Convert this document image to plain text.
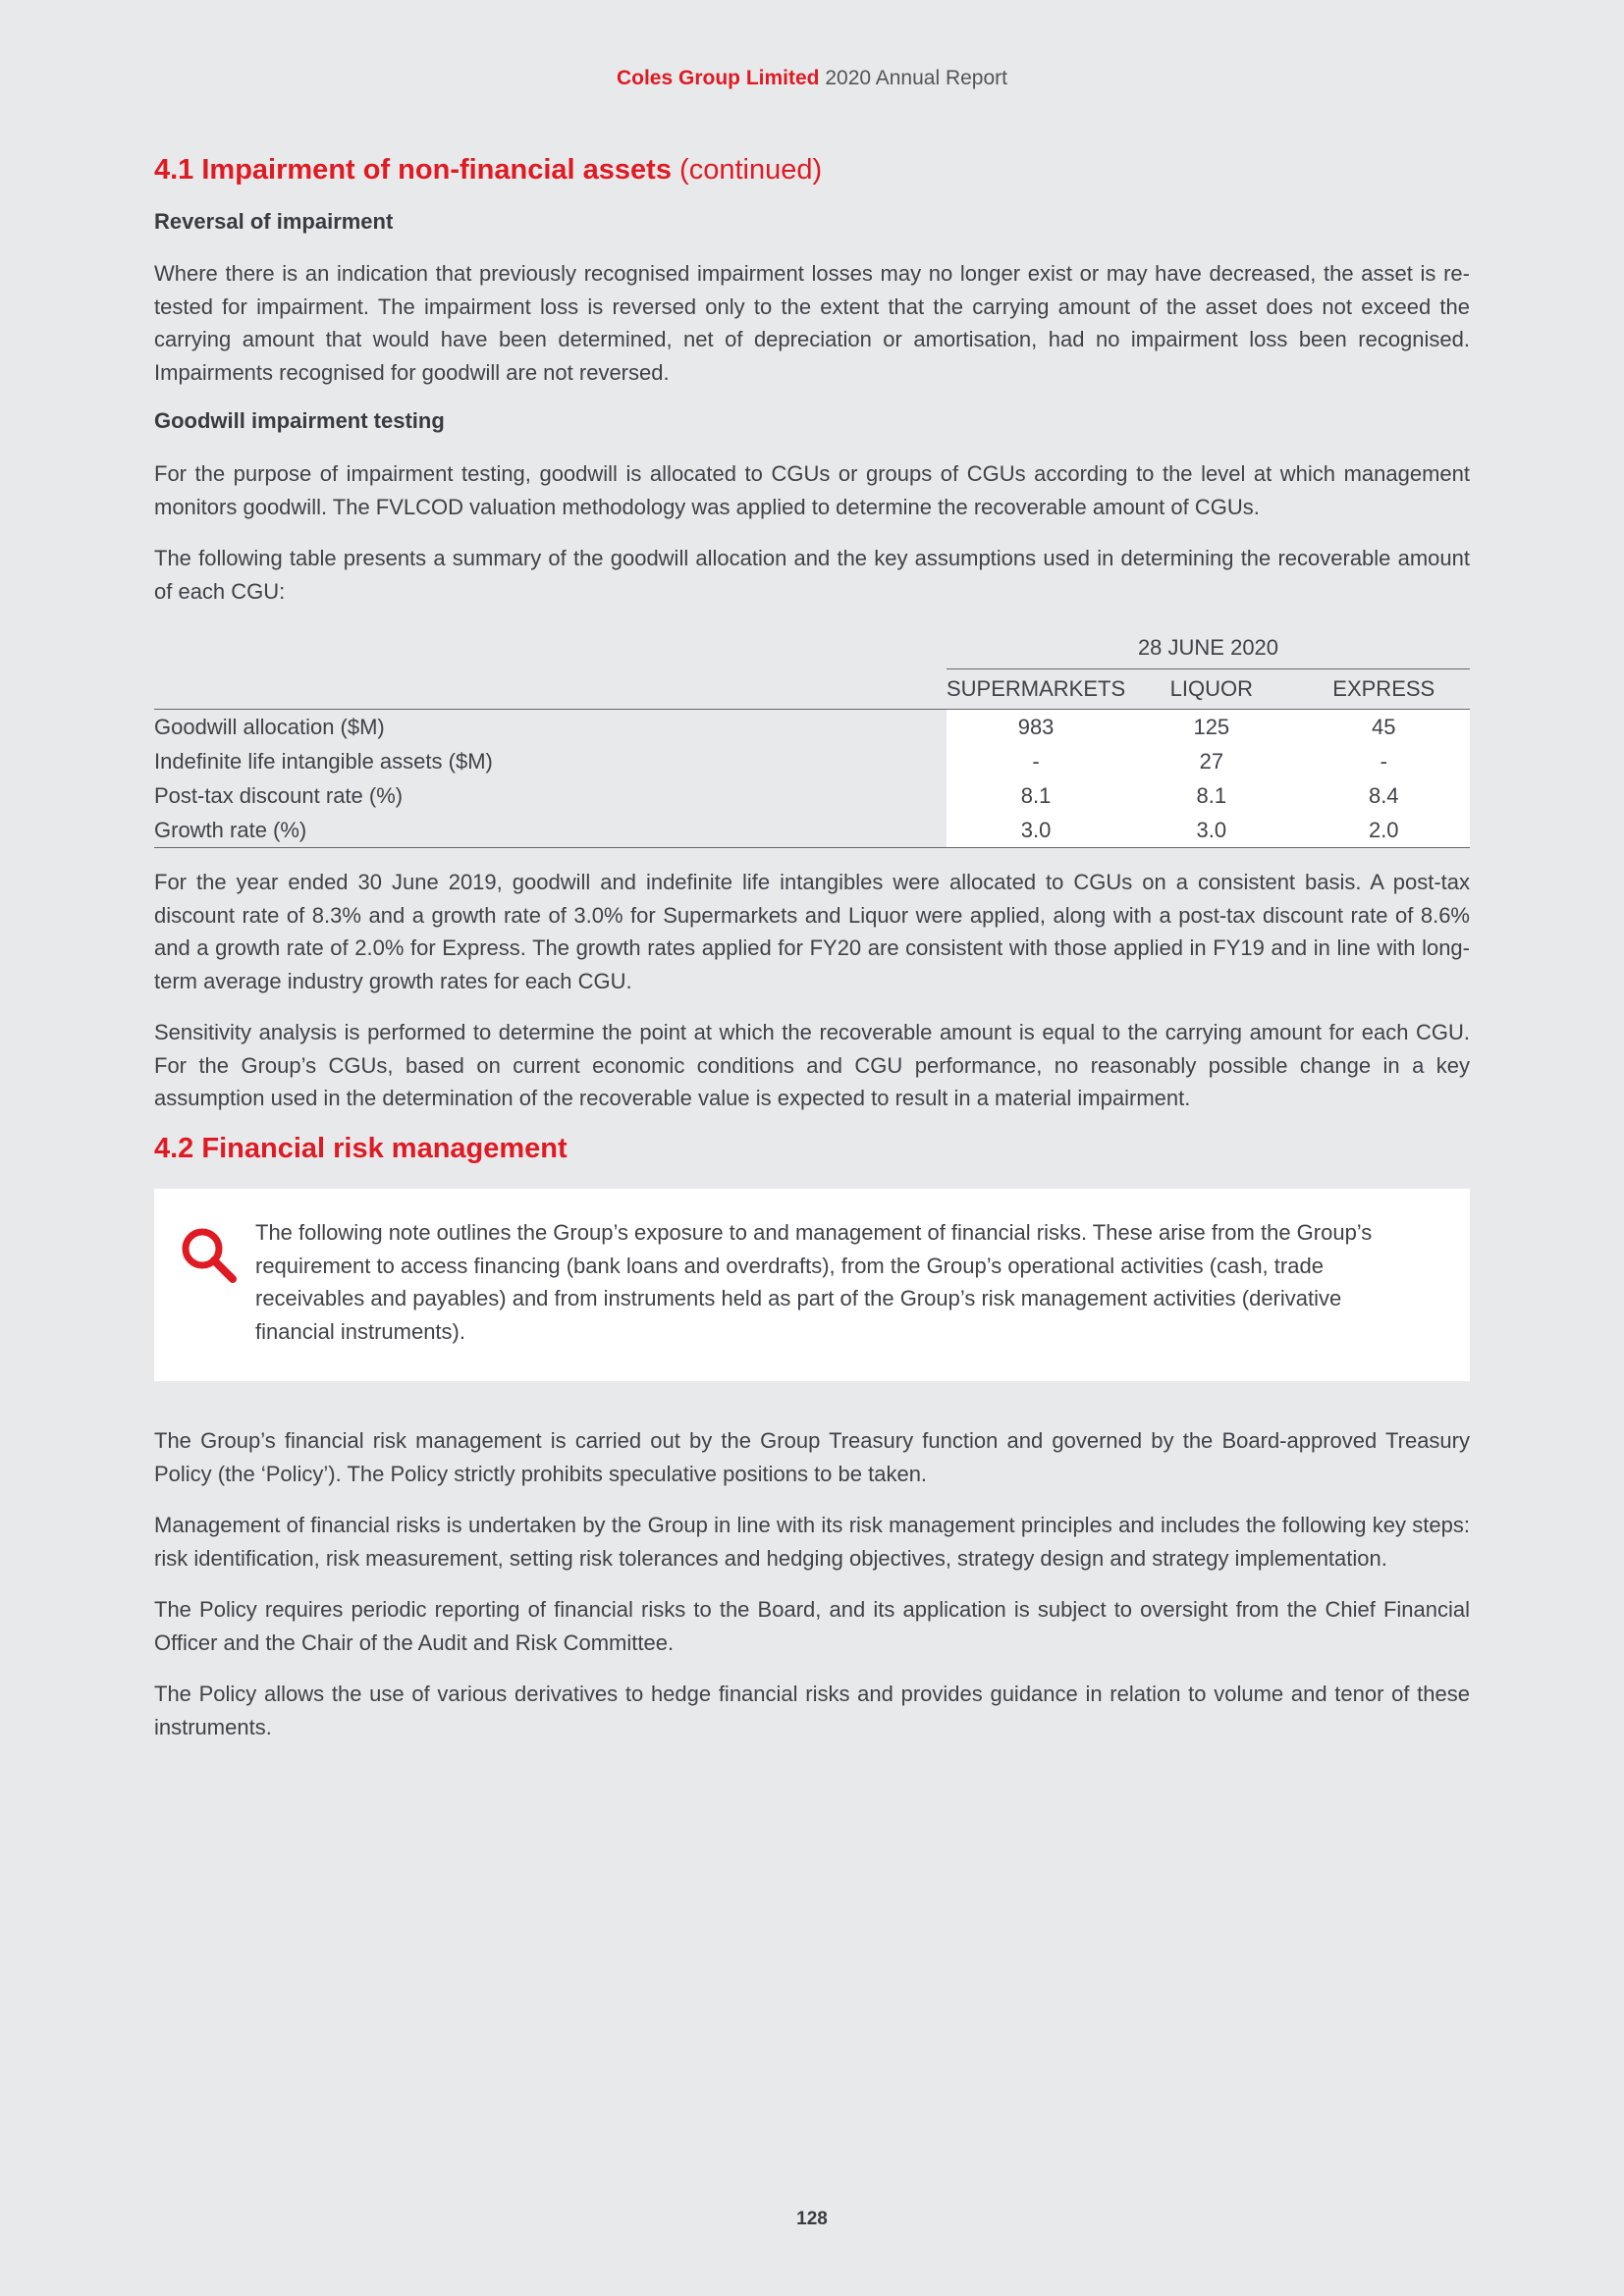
Coles Group Limited 2020 Annual Report
4.1 Impairment of non-financial assets (continued)
Reversal of impairment

Where there is an indication that previously recognised impairment losses may no longer exist or may have decreased, the asset is re-tested for impairment. The impairment loss is reversed only to the extent that the carrying amount of the asset does not exceed the carrying amount that would have been determined, net of depreciation or amortisation, had no impairment loss been recognised. Impairments recognised for goodwill are not reversed.

Goodwill impairment testing

For the purpose of impairment testing, goodwill is allocated to CGUs or groups of CGUs according to the level at which management monitors goodwill. The FVLCOD valuation methodology was applied to determine the recoverable amount of CGUs.

The following table presents a summary of the goodwill allocation and the key assumptions used in determining the recoverable amount of each CGU:

	28 JUNE 2020		
	SUPERMARKETS	LIQUOR	EXPRESS
Goodwill allocation ($M)	983	125	45
Indefinite life intangible assets ($M)	-	27	-
Post-tax discount rate (%)	8.1	8.1	8.4
Growth rate (%)	3.0	3.0	2.0

For the year ended 30 June 2019, goodwill and indefinite life intangibles were allocated to CGUs on a consistent basis. A post-tax discount rate of 8.3% and a growth rate of 3.0% for Supermarkets and Liquor were applied, along with a post-tax discount rate of 8.6% and a growth rate of 2.0% for Express. The growth rates applied for FY20 are consistent with those applied in FY19 and in line with long-term average industry growth rates for each CGU.

Sensitivity analysis is performed to determine the point at which the recoverable amount is equal to the carrying amount for each CGU. For the Group’s CGUs, based on current economic conditions and CGU performance, no reasonably possible change in a key assumption used in the determination of the recoverable value is expected to result in a material impairment.

4.2 Financial risk management
The following note outlines the Group’s exposure to and management of financial risks. These arise from the Group’s requirement to access financing (bank loans and overdrafts), from the Group’s operational activities (cash, trade receivables and payables) and from instruments held as part of the Group’s risk management activities (derivative financial instruments).

The Group’s financial risk management is carried out by the Group Treasury function and governed by the Board-approved Treasury Policy (the ‘Policy’). The Policy strictly prohibits speculative positions to be taken.

Management of financial risks is undertaken by the Group in line with its risk management principles and includes the following key steps: risk identification, risk measurement, setting risk tolerances and hedging objectives, strategy design and strategy implementation.

The Policy requires periodic reporting of financial risks to the Board, and its application is subject to oversight from the Chief Financial Officer and the Chair of the Audit and Risk Committee.

The Policy allows the use of various derivatives to hedge financial risks and provides guidance in relation to volume and tenor of these instruments.

128
